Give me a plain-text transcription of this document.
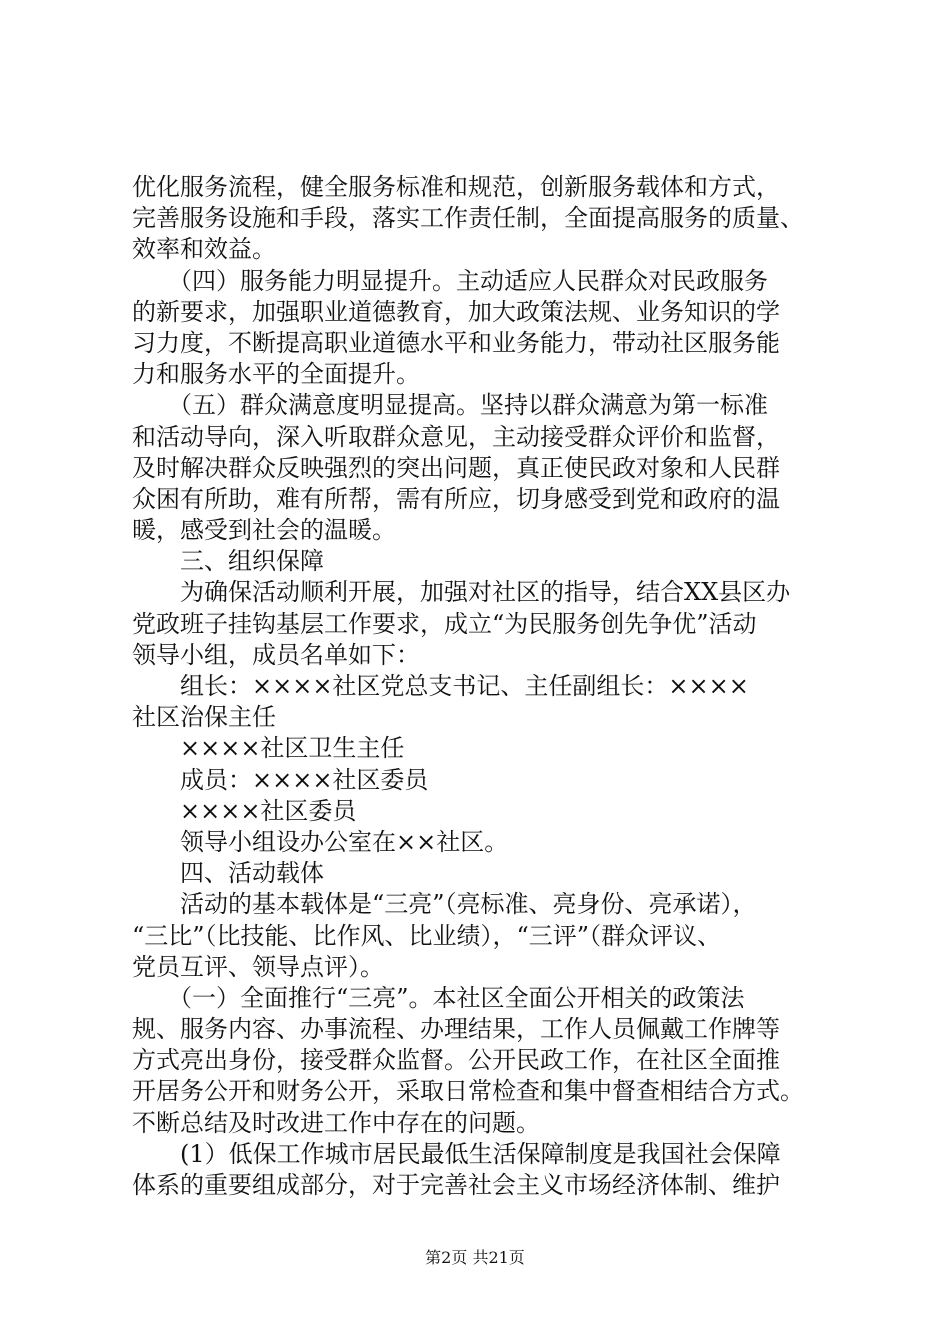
优化服务流程，健全服务标准和规范，创新服务载体和方式，
完善服务设施和手段，落实工作责任制，全面提高服务的质量、
效率和效益。
　　（四）服务能力明显提升。主动适应人民群众对民政服务
的新要求，加强职业道德教育，加大政策法规、业务知识的学
习力度，不断提高职业道德水平和业务能力，带动社区服务能
力和服务水平的全面提升。
　　（五）群众满意度明显提高。坚持以群众满意为第一标准
和活动导向，深入听取群众意见，主动接受群众评价和监督，
及时解决群众反映强烈的突出问题，真正使民政对象和人民群
众困有所助，难有所帮，需有所应，切身感受到党和政府的温
暖，感受到社会的温暖。
　　三、组织保障
　　为确保活动顺利开展，加强对社区的指导，结合XX县区办
党政班子挂钩基层工作要求，成立“为民服务创先争优”活动
领导小组，成员名单如下：
　　组长：××××社区党总支书记、主任副组长：××××
社区治保主任
　　××××社区卫生主任
　　成员：××××社区委员
　　××××社区委员
　　领导小组设办公室在××社区。
　　四、活动载体
　　活动的基本载体是“三亮”（亮标准、亮身份、亮承诺），
“三比”（比技能、比作风、比业绩），“三评”（群众评议、
党员互评、领导点评）。
　　（一）全面推行“三亮”。本社区全面公开相关的政策法
规、服务内容、办事流程、办理结果，工作人员佩戴工作牌等
方式亮出身份，接受群众监督。公开民政工作，在社区全面推
开居务公开和财务公开，采取日常检查和集中督查相结合方式。
不断总结及时改进工作中存在的问题。
　　(1）低保工作城市居民最低生活保障制度是我国社会保障
体系的重要组成部分，对于完善社会主义市场经济体制、维护
第2页 共21页
